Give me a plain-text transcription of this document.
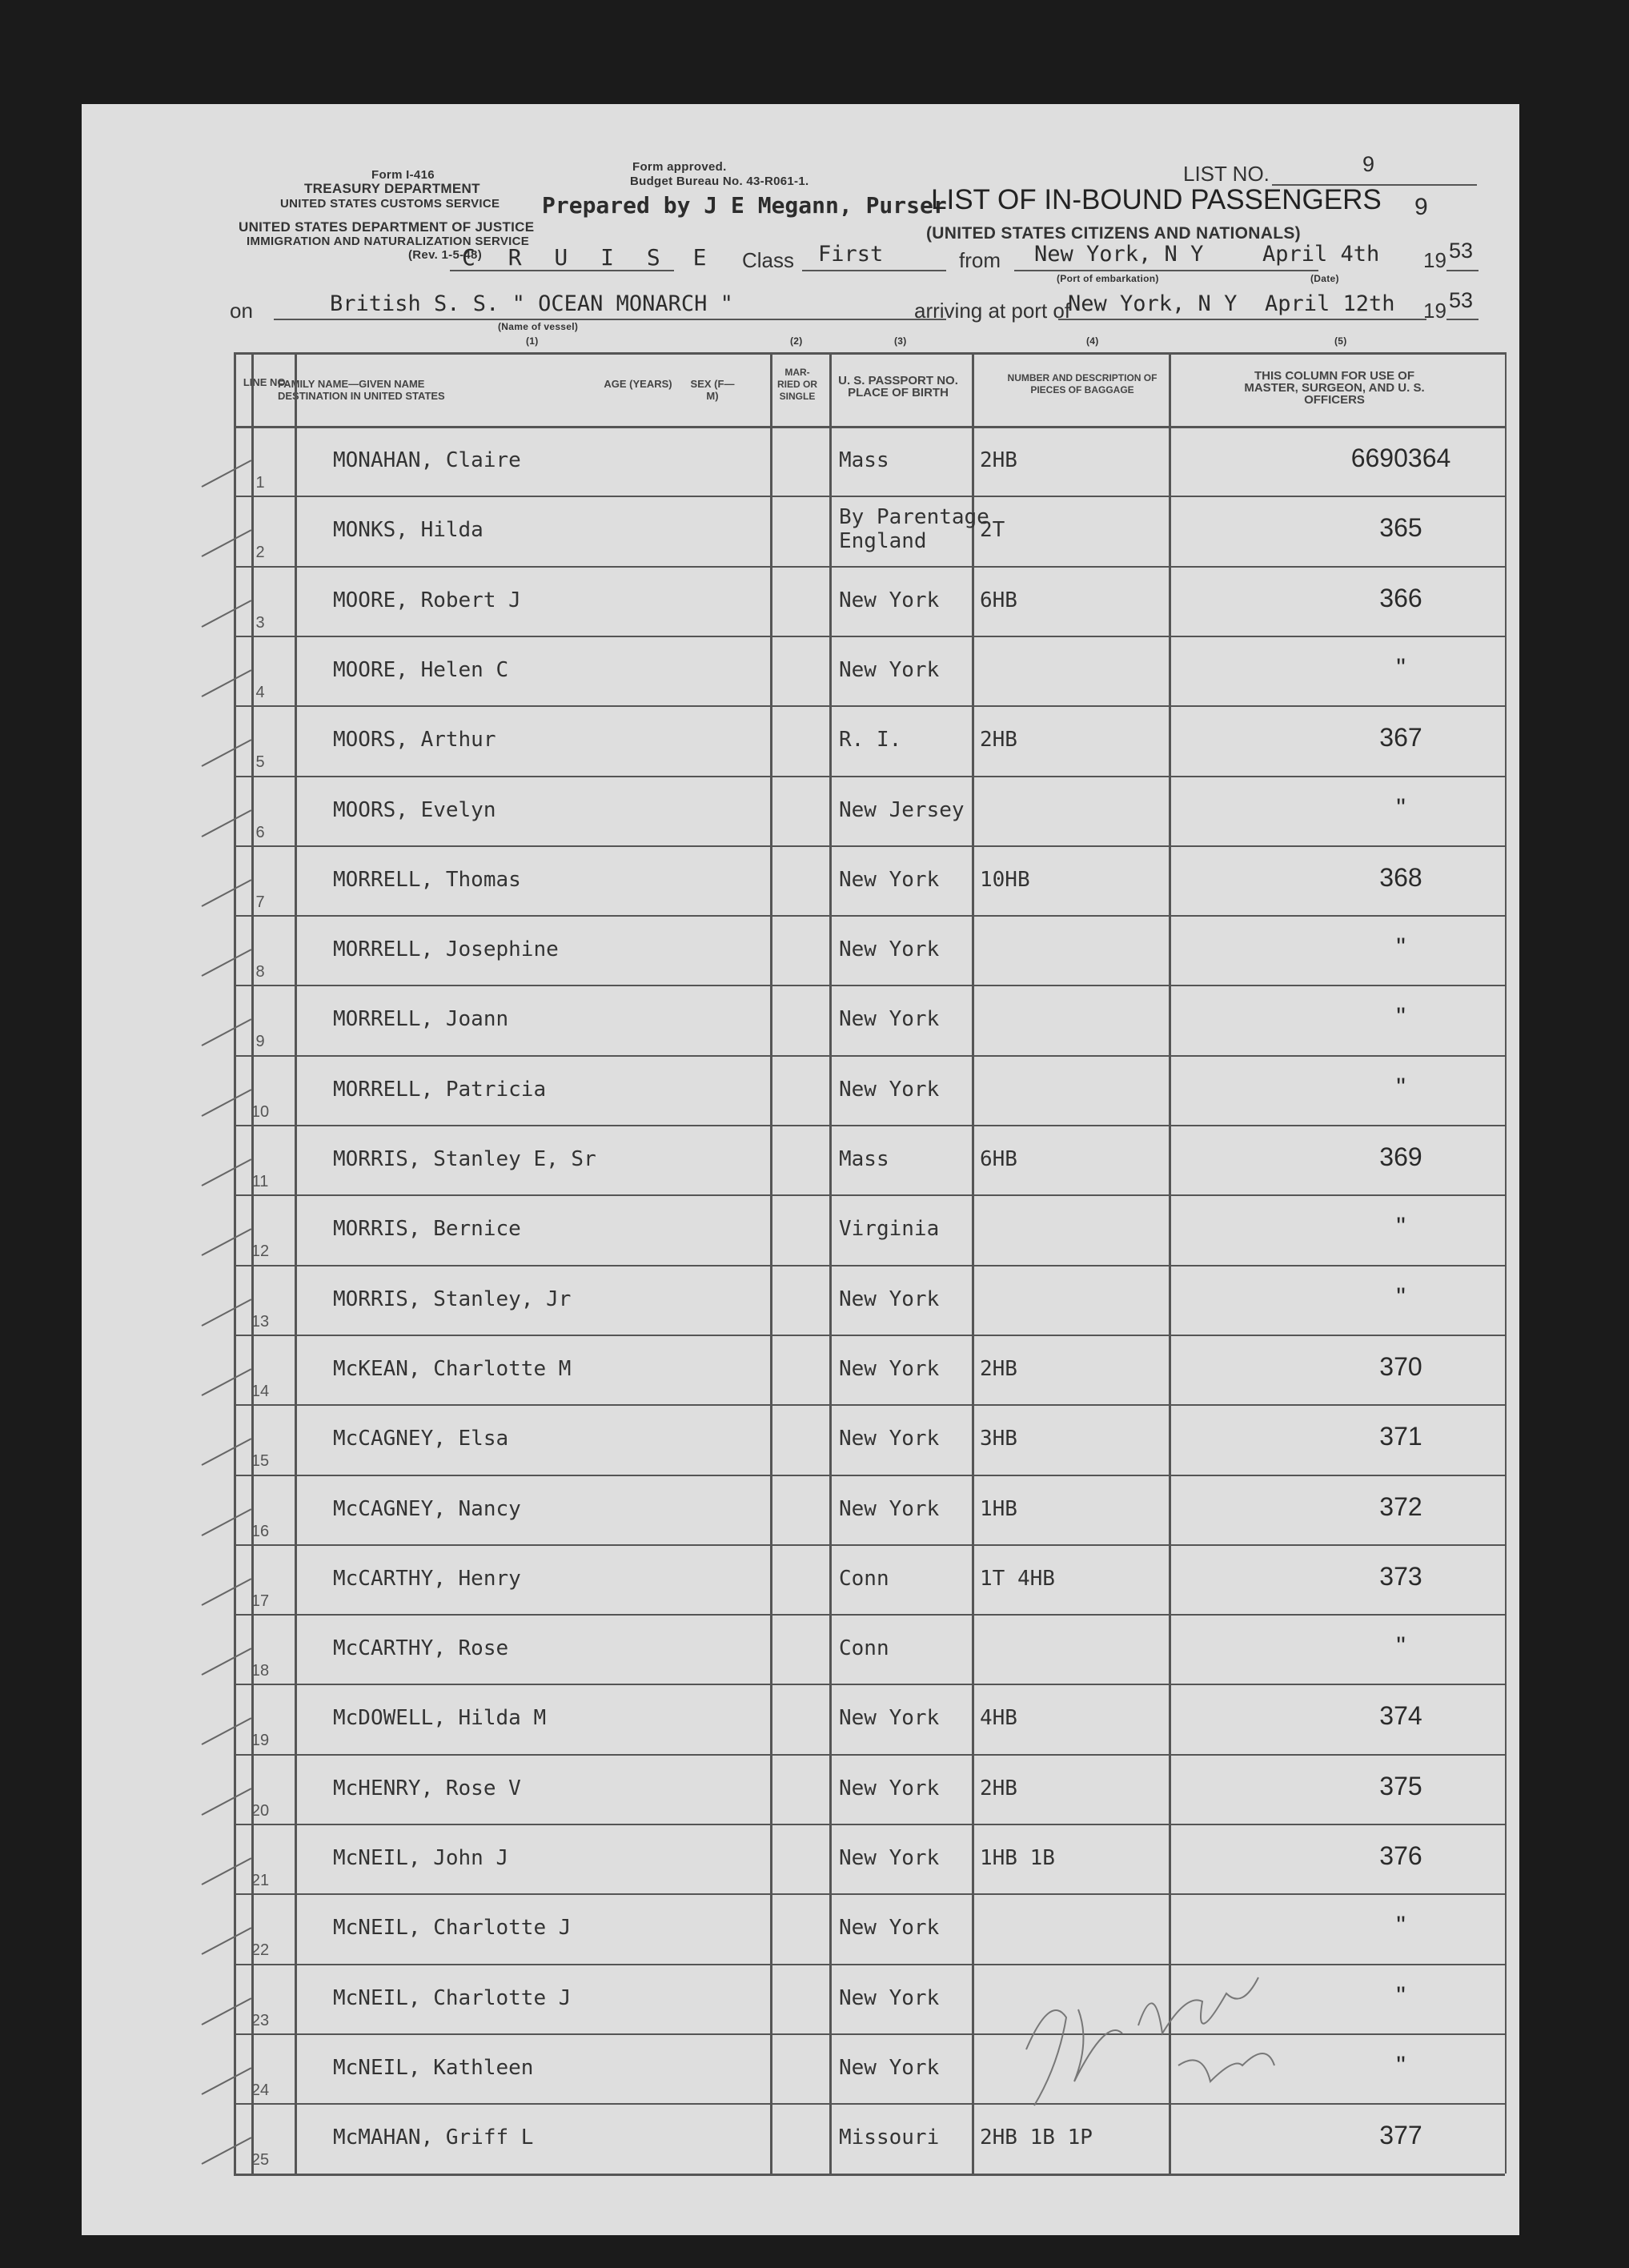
Form I-416
TREASURY DEPARTMENT
UNITED STATES CUSTOMS SERVICE
UNITED STATES DEPARTMENT OF JUSTICE
IMMIGRATION AND NATURALIZATION SERVICE
(Rev. 1-5-48)
Form approved.
Budget Bureau No. 43-R061-1.
Prepared by J E Megann, Purser
LIST OF IN-BOUND PASSENGERS
(UNITED STATES CITIZENS AND NATIONALS)
LIST NO.	9
9
C R U I S E Class First	from New York, N Y	April 4th
(Port of embarkation)	(Date)
19 53
on	British S. S. " OCEAN MONARCH "
(Name of vessel)
(1)
arriving at port of
New York, N Y April 12th 19 53
(2)	(3)	(4)	(5)
LINE NO.
FAMILY NAME—GIVEN NAME DESTINATION IN UNITED STATES
AGE (YEARS) SEX (F—M)
MAR- RIED OR SINGLE
U. S. PASSPORT NO. PLACE OF BIRTH
NUMBER AND DESCRIPTION OF PIECES OF BAGGAGE
THIS COLUMN FOR USE OF MASTER, SURGEON, AND U. S. OFFICERS
1
MONAHAN, Claire	Mass	2HB	6690364
2
MONKS, Hilda
By Parentage
England	2T	365
3
MOORE, Robert J	New York 6HB	366
4
MOORE, Helen C	New York	"
5
MOORS, Arthur	R. I.	2HB	367
6
MOORS, Evelyn	New Jersey	"
7
MORRELL, Thomas	New York 10HB	368
8
MORRELL, Josephine	New York	"
9
MORRELL, Joann	New York	"
10
MORRELL, Patricia	New York	"
11
MORRIS, Stanley E, Sr	Mass	6HB	369
12
MORRIS, Bernice	Virginia	"
13
MORRIS, Stanley, Jr	New York	"
14
McKEAN, Charlotte M	New York 2HB	370
15
McCAGNEY, Elsa	New York 3HB	371
16
McCAGNEY, Nancy	New York 1HB	372
17
McCARTHY, Henry	Conn	1T 4HB	373
18
McCARTHY, Rose	Conn	"
19
McDOWELL, Hilda M	New York 4HB	374
20
McHENRY, Rose V	New York 2HB	375
21
McNEIL, John J	New York 1HB 1B	376
22
McNEIL, Charlotte J	New York	"
23
McNEIL, Charlotte J	New York	"
24
McNEIL, Kathleen	New York	"
25
McMAHAN, Griff L	Missouri 2HB 1B 1P	377
